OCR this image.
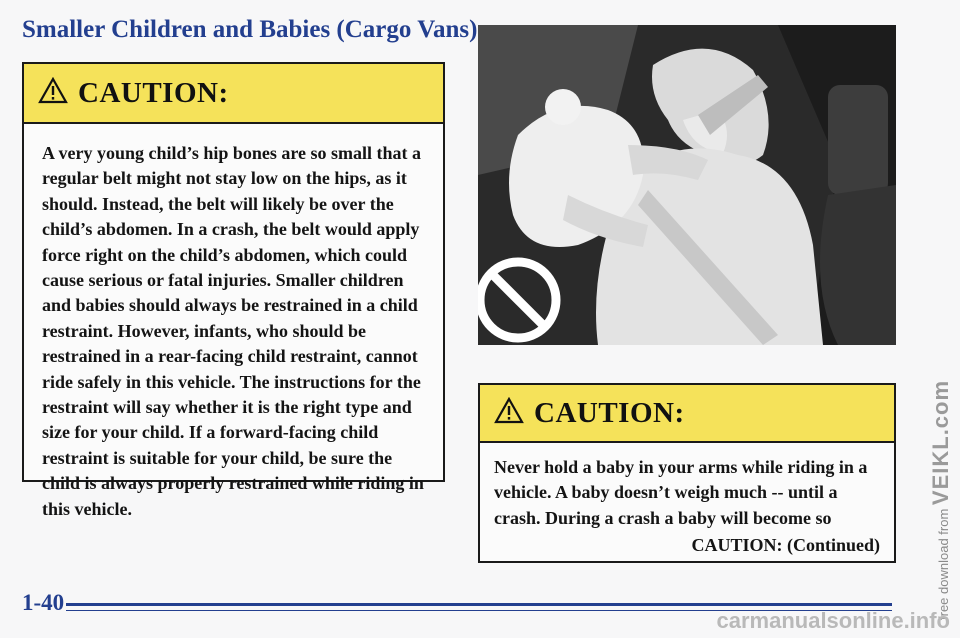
Smaller Children and Babies (Cargo Vans)
CAUTION:
A very young child’s hip bones are so small that a regular belt might not stay low on the hips, as it should. Instead, the belt will likely be over the child’s abdomen. In a crash, the belt would apply force right on the child’s abdomen, which could cause serious or fatal injuries. Smaller children and babies should always be restrained in a child restraint. However, infants, who should be restrained in a rear-facing child restraint, cannot ride safely in this vehicle. The instructions for the restraint will say whether it is the right type and size for your child. If a forward-facing child restraint is suitable for your child, be sure the child is always properly restrained while riding in this vehicle.
CAUTION:
Never hold a baby in your arms while riding in a vehicle. A baby doesn’t weigh much -- until a crash. During a crash a baby will become so
CAUTION: (Continued)
1-40	free download from VEIKL.com
carmanualsonline.info
